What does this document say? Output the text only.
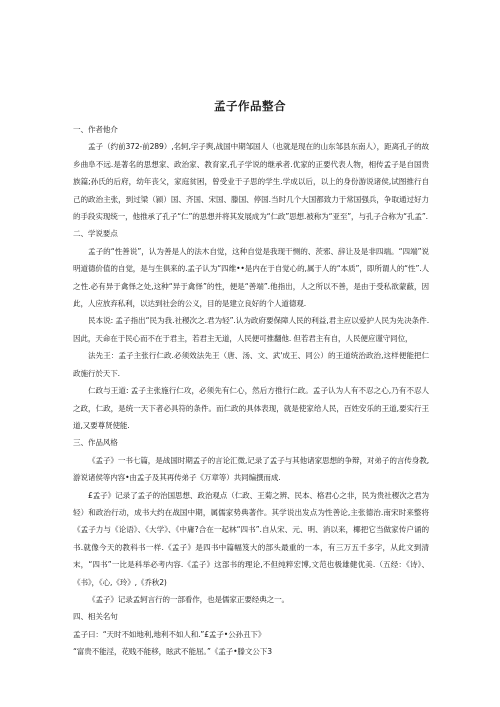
孟子作品整合

一、作者他介

孟子（约前372-前289）,名轲,字子舆,战国中期邹国人（也就是现在的山东邹县东南人），距离孔子的故乡曲阜不远.是著名的思想家、政治家、教育家,孔子学说的继承者.优家的正要代表人物，相传孟子是自国贵族篇;孙氏的后府，幼年丧父，家庭贫困，曾受业于子思的学生.学成以后，以上的身份游说诸侯,试图推行自己的政治主张，到过梁（颍）国、齐国、宋国、滕国、停国.当时几个大国都致力于常国强兵，争取通过好力的手段实现统一，他推承了孔子“仁”的思想并将其发展成为“仁政”思想.被称为“亚至”，与孔子合称为“孔孟”.

二、学说要点

孟子的“性善说”，认为善是人的法木自觉，这种自觉是我现干恻的、茨邪、辞让及是非四端。“四端”说明道德价值的自觉，是与生俱来的.孟子认为“四维••是内在于自觉心的,属于人的“本质”，即所谓人的“性”.人之性.必有异于禽怿之处,这种“异于禽怿”的性，便是“善端”.他指出，人之所以不善，是由于受私欲蒙蔽，因此，人应放弃私利，以达到社会的公义，目的是建立良好的个人道德观.

民本说: 孟子指出“民为我.社稷次之.君为轻”.认为政府要保障人民的利益,君主应以爱护人民为先决条件.因此，天命在于民心而不在于君主，若君主无道，人民便可推翻他. 但若君主有自，人民便应谨守同位，

法先王：孟子主张行仁政.必须效法先王（唐、汤、文、武'成王、同公）的王道统治政治,这样便能把仁政施行於天下.

仁政与王道: 孟子主张施行仁攻，必须先有仁心，然后方推行仁政。孟子认为人有不忍之心,乃有不忍人之政，仁政，是统一天下者必具符的条件。而仁政的具体表现，就是使家给人民，百姓安乐的王道,要实行王道,又要尊贤使能.

三、作品风格

《孟子》一书七篇，是战国时期孟子的言论汇微,记录了孟子与其他诸家思想的争辩，对弟子的言传身教,游说诸侯等内容•由孟子及其再传弟子《万章等）共同编撰而成.

£孟子》记录了孟子的治国思想、政治观点（仁政、王菊之辨、民本、格君心之非，民为贵社稷次之君为轻）和政治行动，成书大约在战国中期，属儒家势典著作。其学说出发点为性善论,主张德治.南宋时来整将《孟子力与《论语》、《大学》、《中庸?合在一起林“四书”.自从宋、元、明、消以来，椰把它当做家传户诵的书.就像今天的教科书一样.《孟子》是四书中篇幅笈大的部头最重的一本，有三万五千多字，从此文到清末，“四书”一比是科举必考内容.《孟子》这部书的理论,不但纯粹宏博,文范也极雄健优美.（五经：《诗》、《书》，《心,《玲》,《乔秋2)

《孟子》记录孟轲言行的一部看作，也是儒家正要经典之一。

四、相关名句

孟子曰：“天时不如地利,地利不如人和.”£孟子•公孙丑下》

“富贵不能淫，花贱不能移，眩武不能屈。”《孟子•滕文公下3
